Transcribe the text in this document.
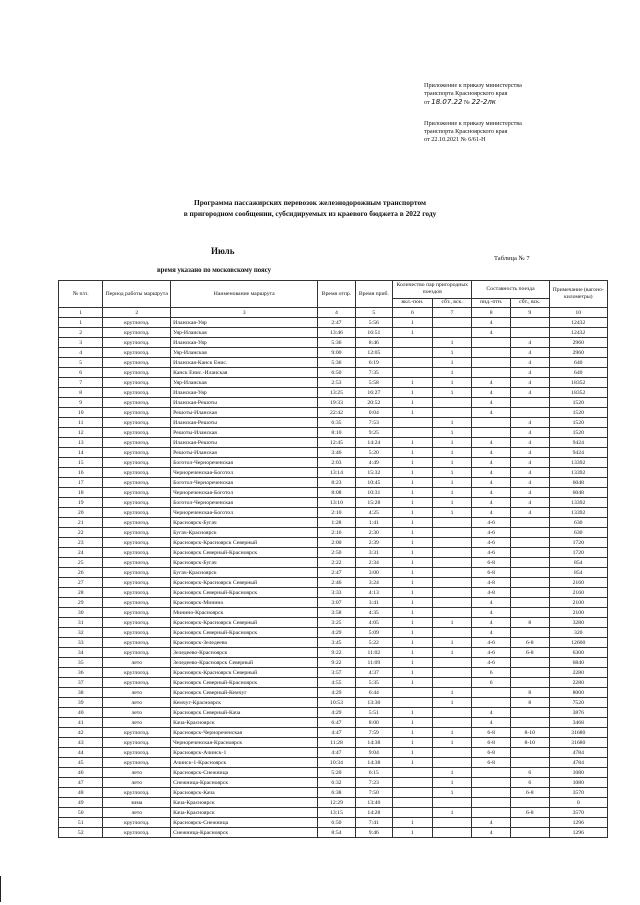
Приложение к приказу министерства

транспорта Красноярского края

от 18.07.22 № 22-2лк

Приложение к приказу министерства

транспорта Красноярского края

от 22.10.2021 № 6/61-Н

Программа пассажирских перевозок железнодорожным транспортом
в пригородном сообщении, субсидируемых из краевого бюджета в 2022 году
Июль
Таблица № 7
время указано по московскому поясу
№ п/п.	Период работы маршрута	Наименование маршрута	Время отпр.	Время приб.	Количество пар пригородных поездов		Составность поезда		Примечание (вагоно-километры)
					вкл.-пон.	сбт., вск.	пнд.-птн.	сбт., вск.	
1	2	3	4	5	6	7	8	9	10
1	круглогод.	Иланская-Уяр	2:47	5:56	1		4		12432
2	круглогод.	Уяр-Иланская	13:46	16:51	1		4		12432
3	круглогод.	Иланская-Уяр	5:36	8:46		1		4	2960
4	круглогод.	Уяр-Иланская	9:00	12:05		1		4	2960
5	круглогод.	Иланская-Канск Енис.	5:36	6:19		1		4	640
6	круглогод.	Канск Енис.-Иланская	6:50	7:35		1		4	640
7	круглогод.	Уяр-Иланская	2:53	5:58	1	1	4	4	18352
8	круглогод.	Иланская-Уяр	13:25	16:27	1	1	4	4	18352
9	круглогод.	Иланская-Решоты	19:33	20:52	1		4		1520
10	круглогод.	Решоты-Иланская	22:42	0:04	1		4		1520
11	круглогод.	Иланская-Решоты	6:35	7:53		1		4	1520
12	круглогод.	Решоты-Иланская	8:10	9:25		1		4	1520
13	круглогод.	Иланская-Решоты	12:45	14:24	1	1	4	4	9424
14	круглогод.	Решоты-Иланская	3:46	5:20	1	1	4	4	9424
15	круглогод.	Боготол-Чернореченская	2:03	4:49	1	1	4	4	13392
16	круглогод.	Чернореченская-Боготол	13:14	15:32	1	1	4	4	13392
17	круглогод.	Боготол-Чернореченская	8:23	10:45	1	1	4	4	6048
18	круглогод.	Чернореченская-Боготол	8:08	10:31	1	1	4	4	6048
19	круглогод.	Боготол-Чернореченская	13:10	15:28	1	1	4	4	13392
20	круглогод.	Чернореченская-Боготол	2:10	4:25	1	1	4	4	13392
21	круглогод.	Красноярск-Бугач	1:28	1:41	1		4-6		630
22	круглогод.	Бугач-Красноярск	2:16	2:30	1		4-6		630
23	круглогод.	Красноярск-Красноярск Северный	2:00	2:39	1		4-6		1720
24	круглогод.	Красноярск Северный-Красноярск	2:50	3:31	1		4-6		1720
25	круглогод.	Красноярск-Бугач	2:22	2:34	1		6-8		854
26	круглогод.	Бугач-Красноярск	2:47	3:00	1		6-8		854
27	круглогод.	Красноярск-Красноярск Северный	2:46	3:24	1		4-8		2160
28	круглогод.	Красноярск Северный-Красноярск	3:33	4:13	1		4-8		2160
29	круглогод.	Красноярск-Минино	3:07	3:41	1		4		2100
30	круглогод.	Минино-Красноярск	3:58	4:35	1		4		2100
31	круглогод.	Красноярск-Красноярск Северный	3:25	4:05	1	1	4	8	3280
32	круглогод.	Красноярск Северный-Красноярск	4:29	5:09	1		4		320
33	круглогод.	Красноярск-Зеледеево	3:45	5:22	1	1	4-6	6-8	12600
34	круглогод.	Зеледеево-Красноярск	9:22	11:02	1	1	4-6	6-8	6300
35	лето	Зеледеево-Красноярск Северный	9:22	11:09	1		4-6		6840
36	круглогод.	Красноярск-Красноярск Северный	3:57	4:37	1		6		2280
37	круглогод.	Красноярск Северный-Красноярск	4:55	5:35	1		6		2280
38	лето	Красноярск Северный-Кемчуг	4:29	6:44		1		8	8000
39	лето	Кемчуг-Красноярск	10:53	13:30		1		8	7520
40	лето	Красноярск Северный-Кача	4:29	5:51	1		4		3876
41	лето	Кача-Красноярск	6:47	8:00	1		4		3468
42	круглогод.	Красноярск-Чернореченская	4:47	7:59	1	1	6-8	8-10	31680
43	круглогод.	Чернореченская-Красноярск	11:28	14:38	1	1	6-8	8-10	31680
44	круглогод.	Красноярск-Ачинск-1	4:47	9:04	1		6-8		4784
45	круглогод.	Ачинск-1-Красноярск	10:34	14:38	1		6-8		4784
46	лето	Красноярск-Снежница	5:20	6:15		1		6	1080
47	лето	Снежница-Красноярск	6:32	7:23		1		6	1080
48	круглогод.	Красноярск-Кача	6:38	7:50		1		6-8	3570
49	зима	Кача-Красноярск	12:29	13:40					0
50	лето	Кача-Красноярск	13:15	14:28		1		6-8	3570
51	круглогод.	Красноярск-Снежница	6:50	7:41	1		4		1296
52	круглогод.	Снежница-Красноярск	8:54	9:46	1		4		1296
